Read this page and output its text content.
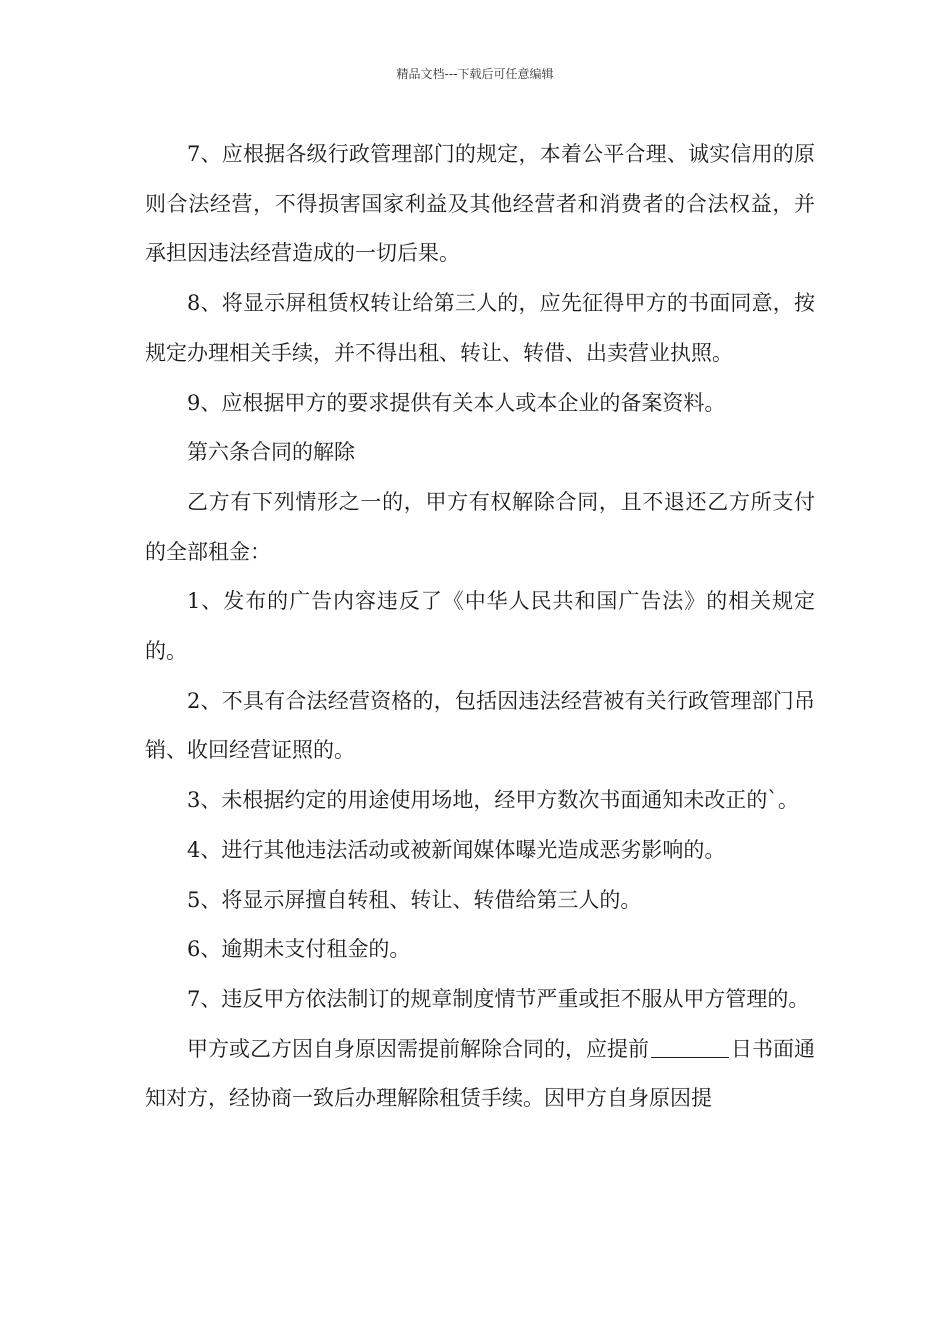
精品文档---下载后可任意编辑

7、应根据各级行政管理部门的规定，本着公平合理、诚实信用的原则合法经营，不得损害国家利益及其他经营者和消费者的合法权益，并承担因违法经营造成的一切后果。

8、将显示屏租赁权转让给第三人的，应先征得甲方的书面同意，按规定办理相关手续，并不得出租、转让、转借、出卖营业执照。

9、应根据甲方的要求提供有关本人或本企业的备案资料。

第六条合同的解除

乙方有下列情形之一的，甲方有权解除合同，且不退还乙方所支付的全部租金：

1、发布的广告内容违反了《中华人民共和国广告法》的相关规定的。

2、不具有合法经营资格的，包括因违法经营被有关行政管理部门吊销、收回经营证照的。

3、未根据约定的用途使用场地，经甲方数次书面通知未改正的`。

4、进行其他违法活动或被新闻媒体曝光造成恶劣影响的。

5、将显示屏擅自转租、转让、转借给第三人的。

6、逾期未支付租金的。

7、违反甲方依法制订的规章制度情节严重或拒不服从甲方管理的。

甲方或乙方因自身原因需提前解除合同的，应提前	日书面通知对方，经协商一致后办理解除租赁手续。因甲方自身原因提
